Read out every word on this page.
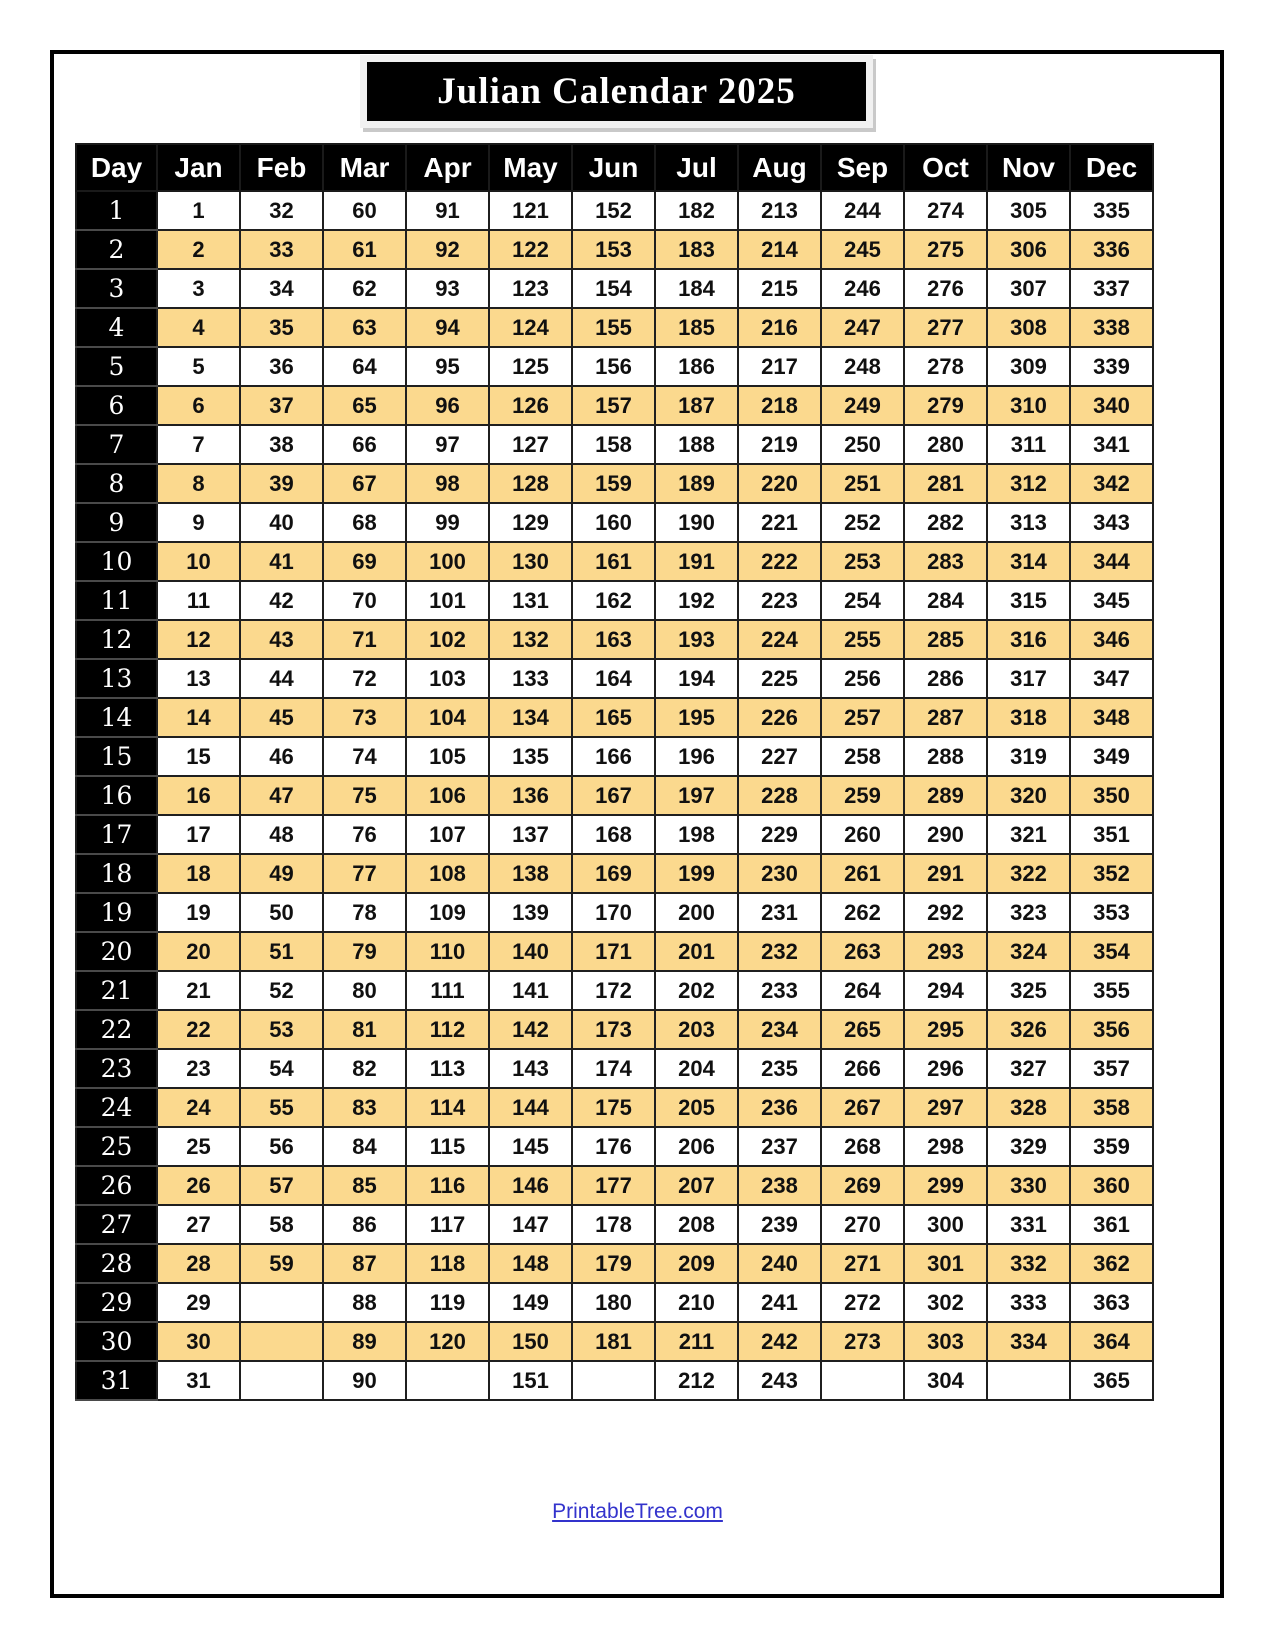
Julian Calendar 2025
Day	Jan	Feb	Mar	Apr	May	Jun	Jul	Aug	Sep	Oct	Nov	Dec
1	1	32	60	91	121	152	182	213	244	274	305	335
2	2	33	61	92	122	153	183	214	245	275	306	336
3	3	34	62	93	123	154	184	215	246	276	307	337
4	4	35	63	94	124	155	185	216	247	277	308	338
5	5	36	64	95	125	156	186	217	248	278	309	339
6	6	37	65	96	126	157	187	218	249	279	310	340
7	7	38	66	97	127	158	188	219	250	280	311	341
8	8	39	67	98	128	159	189	220	251	281	312	342
9	9	40	68	99	129	160	190	221	252	282	313	343
10	10	41	69	100	130	161	191	222	253	283	314	344
11	11	42	70	101	131	162	192	223	254	284	315	345
12	12	43	71	102	132	163	193	224	255	285	316	346
13	13	44	72	103	133	164	194	225	256	286	317	347
14	14	45	73	104	134	165	195	226	257	287	318	348
15	15	46	74	105	135	166	196	227	258	288	319	349
16	16	47	75	106	136	167	197	228	259	289	320	350
17	17	48	76	107	137	168	198	229	260	290	321	351
18	18	49	77	108	138	169	199	230	261	291	322	352
19	19	50	78	109	139	170	200	231	262	292	323	353
20	20	51	79	110	140	171	201	232	263	293	324	354
21	21	52	80	111	141	172	202	233	264	294	325	355
22	22	53	81	112	142	173	203	234	265	295	326	356
23	23	54	82	113	143	174	204	235	266	296	327	357
24	24	55	83	114	144	175	205	236	267	297	328	358
25	25	56	84	115	145	176	206	237	268	298	329	359
26	26	57	85	116	146	177	207	238	269	299	330	360
27	27	58	86	117	147	178	208	239	270	300	331	361
28	28	59	87	118	148	179	209	240	271	301	332	362
29	29		88	119	149	180	210	241	272	302	333	363
30	30		89	120	150	181	211	242	273	303	334	364
31	31		90		151		212	243		304		365
PrintableTree.com
